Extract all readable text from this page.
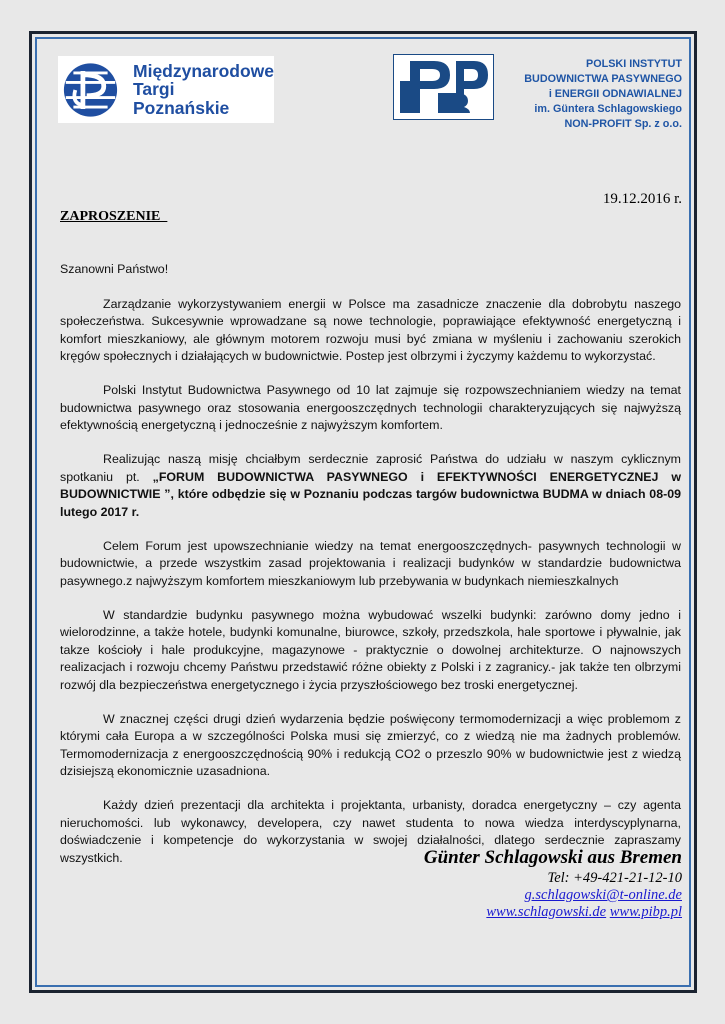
Międzynarodowe
Targi
Poznańskie
POLSKI INSTYTUT
BUDOWNICTWA PASYWNEGO
i ENERGII ODNAWIALNEJ
im. Güntera Schlagowskiego
NON-PROFIT Sp. z o.o.
19.12.2016 r.
ZAPROSZENIE

Szanowni Państwo!

Zarządzanie wykorzystywaniem energii w Polsce ma zasadnicze znaczenie dla dobrobytu naszego społeczeństwa. Sukcesywnie wprowadzane są nowe technologie, poprawiające efektywność energetyczną i komfort mieszkaniowy, ale głównym motorem rozwoju musi być zmiana w myśleniu i zachowaniu szerokich kręgów społecznych i działających w budownictwie. Postep jest olbrzymi i życzymy każdemu to wykorzystać.

Polski Instytut Budownictwa Pasywnego od 10 lat zajmuje się rozpowszechnianiem wiedzy na temat budownictwa pasywnego oraz stosowania energooszczędnych technologii charakteryzujących się najwyższą efektywnością energetyczną i jednocześnie z najwyższym komfortem.

Realizując naszą misję chciałbym serdecznie zaprosić Państwa do udziału w naszym cyklicznym spotkaniu pt. „FORUM BUDOWNICTWA PASYWNEGO i EFEKTYWNOŚCI ENERGETYCZNEJ w BUDOWNICTWIE ”, które odbędzie się w Poznaniu podczas targów budownictwa BUDMA w dniach 08-09 lutego 2017 r.

Celem Forum jest upowszechnianie wiedzy na temat energooszczędnych- pasywnych technologii w budownictwie, a przede wszystkim zasad projektowania i realizacji budynków w standardzie budownictwa pasywnego.z najwyższym komfortem mieszkaniowym lub przebywania w budynkach niemieszkalnych

W standardzie budynku pasywnego można wybudować wszelki budynki: zarówno domy jedno i wielorodzinne, a także hotele, budynki komunalne, biurowce, szkoły, przedszkola, hale sportowe i pływalnie, jak takze kościoły i hale produkcyjne, magazynowe - praktycznie o dowolnej architekturze. O najnowszych realizacjach i rozwoju chcemy Państwu przedstawić różne obiekty z Polski i z zagranicy.- jak także ten olbrzymi rozwój dla bezpieczeństwa energetycznego i życia przyszłościowego bez troski energetycznej.

W znacznej części drugi dzień wydarzenia będzie poświęcony termomodernizacji a więc problemom z którymi cała Europa a w szczególności Polska musi się zmierzyć, co z wiedzą nie ma żadnych problemów. Termomodernizacja z energooszczędnością 90% i redukcją CO2 o przeszlo 90% w budownictwie jest z wiedzą dzisiejszą ekonomicznie uzasadniona.

Każdy dzień prezentacji dla architekta i projektanta, urbanisty, doradca energetyczny – czy agenta nieruchomości. lub wykonawcy, developera, czy nawet studenta to nowa wiedza interdyscyplynarna, doświadczenie i kompetencje do wykorzystania w swojej działalności, dlatego serdecznie zapraszamy wszystkich.	Günter Schlagowski aus Bremen
Tel: +49-421-21-12-10
g.schlagowski@t-online.de
www.schlagowski.de www.pibp.pl
